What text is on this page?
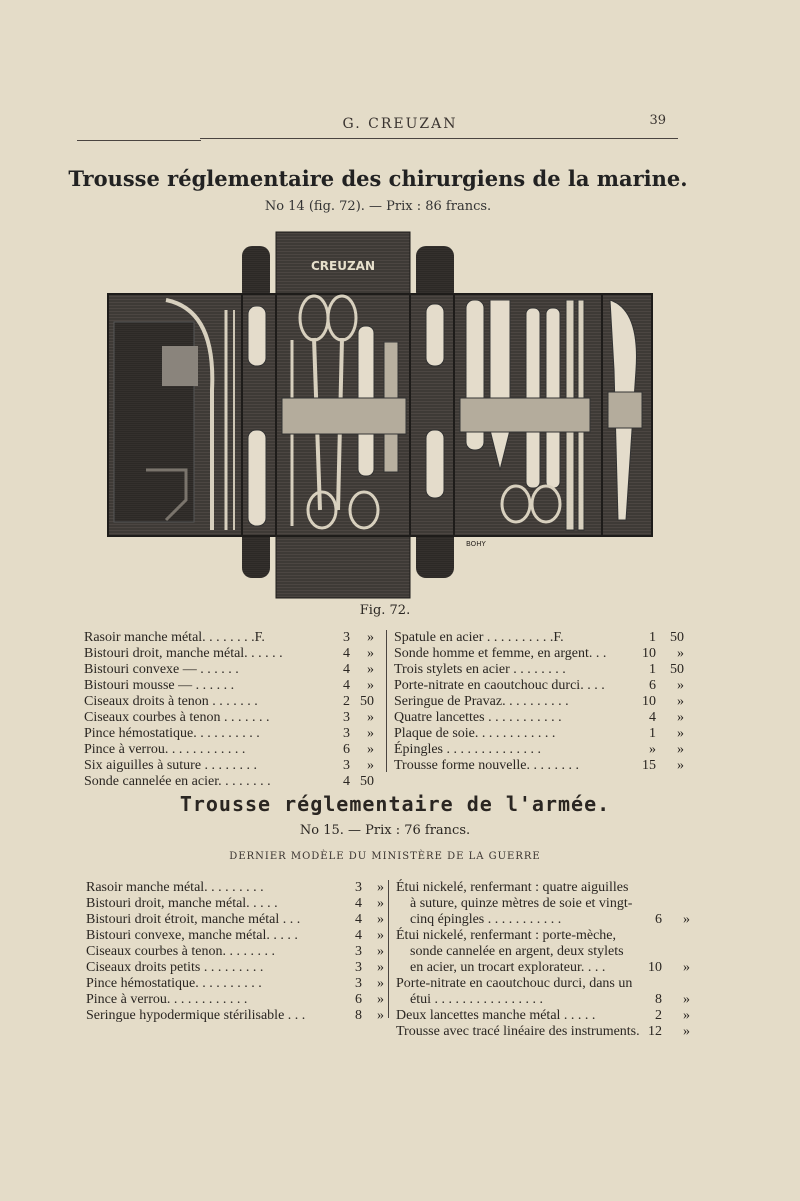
G. CREUZAN	39
Trousse réglementaire des chirurgiens de la marine.
No 14 (fig. 72). — Prix : 86 francs.
CREUZAN
BOHY
Fig. 72.
Rasoir manche métal. . . . . . . .F.	3	»
Bistouri droit, manche métal. . . . . .	4	»
Bistouri convexe — . . . . . .	4	»
Bistouri mousse — . . . . . .	4	»
Ciseaux droits à tenon . . . . . . .	2 50
Ciseaux courbes à tenon . . . . . . .	3	»
Pince hémostatique. . . . . . . . . .	3	»
Pince à verrou. . . . . . . . . . . .	6	»
Six aiguilles à suture . . . . . . . .	3	»
Sonde cannelée en acier. . . . . . . .	4 50
Spatule en acier . . . . . . . . . .F.	1	50
Sonde homme et femme, en argent. . .	10	»
Trois stylets en acier . . . . . . . .	1	50
Porte-nitrate en caoutchouc durci. . . .	6	»
Seringue de Pravaz. . . . . . . . . .	10	»
Quatre lancettes . . . . . . . . . . .	4	»
Plaque de soie. . . . . . . . . . . .	1	»
Épingles . . . . . . . . . . . . . .	»	»
Trousse forme nouvelle. . . . . . . .	15	»
Trousse réglementaire de l'armée.
No 15. — Prix : 76 francs.
DERNIER MODÈLE DU MINISTÈRE DE LA GUERRE
Rasoir manche métal. . . . . . . . .	3	»
Bistouri droit, manche métal. . . . .	4	»
Bistouri droit étroit, manche métal . . .	4	»
Bistouri convexe, manche métal. . . . .	4	»
Ciseaux courbes à tenon. . . . . . . .	3	»
Ciseaux droits petits . . . . . . . . .	3	»
Pince hémostatique. . . . . . . . . .	3	»
Pince à verrou. . . . . . . . . . . .	6	»
Seringue hypodermique stérilisable . . .	8	»
Étui nickelé, renfermant : quatre aiguilles
à suture, quinze mètres de soie et vingt-
cinq épingles . . . . . . . . . . .	6	»
Étui nickelé, renfermant : porte-mèche,
sonde cannelée en argent, deux stylets
en acier, un trocart explorateur. . . .	10	»
Porte-nitrate en caoutchouc durci, dans un
étui . . . . . . . . . . . . . . . .	8	»
Deux lancettes manche métal . . . . .	2	»
Trousse avec tracé linéaire des instruments. 12	»
